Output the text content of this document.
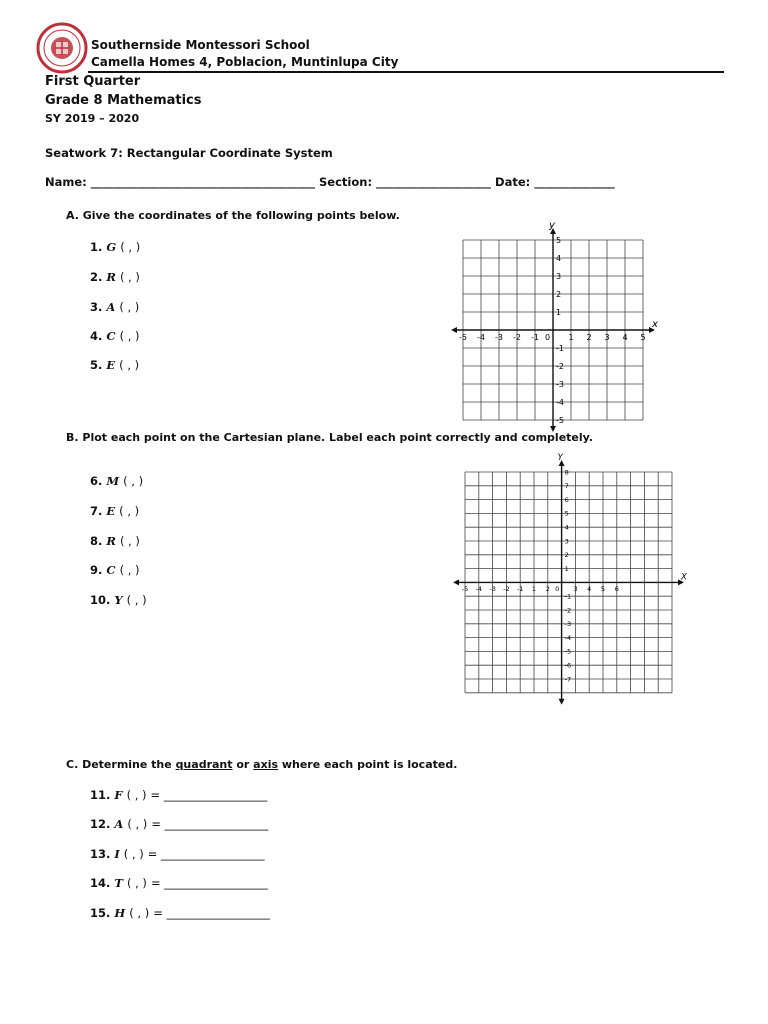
Southernside Montessori School
Camella Homes 4, Poblacion, Muntinlupa City
First Quarter
Grade 8 Mathematics
SY 2019 – 2020
Seatwork 7: Rectangular Coordinate System
Name: _______________________________________ Section: ____________________ Date: ______________
A. Give the coordinates of the following points below.
1. G ( , )
2. R ( , )
3. A ( , )
4. C ( , )
5. E ( , )
x
y
-5 -4 -3 -2 -1	1 2 3 4 5
5
4
3
2
1
-1
-2
-3
-4
-5
0
B. Plot each point on the Cartesian plane. Label each point correctly and completely.
6. M ( , )
7. E ( , )
8. R ( , )
9. C ( , )
10. Y ( , )
X
Y
-5 -4 -3 -2 -1 1 2	3 4 5 6
8
7
6
5
4
3
2
1
-1
-2
-3
-4
-5
-6
-7
0
C. Determine the quadrant or axis where each point is located.
11. F ( , ) = __________________
12. A ( , ) = __________________
13. I ( , ) = __________________
14. T ( , ) = __________________
15. H ( , ) = __________________
